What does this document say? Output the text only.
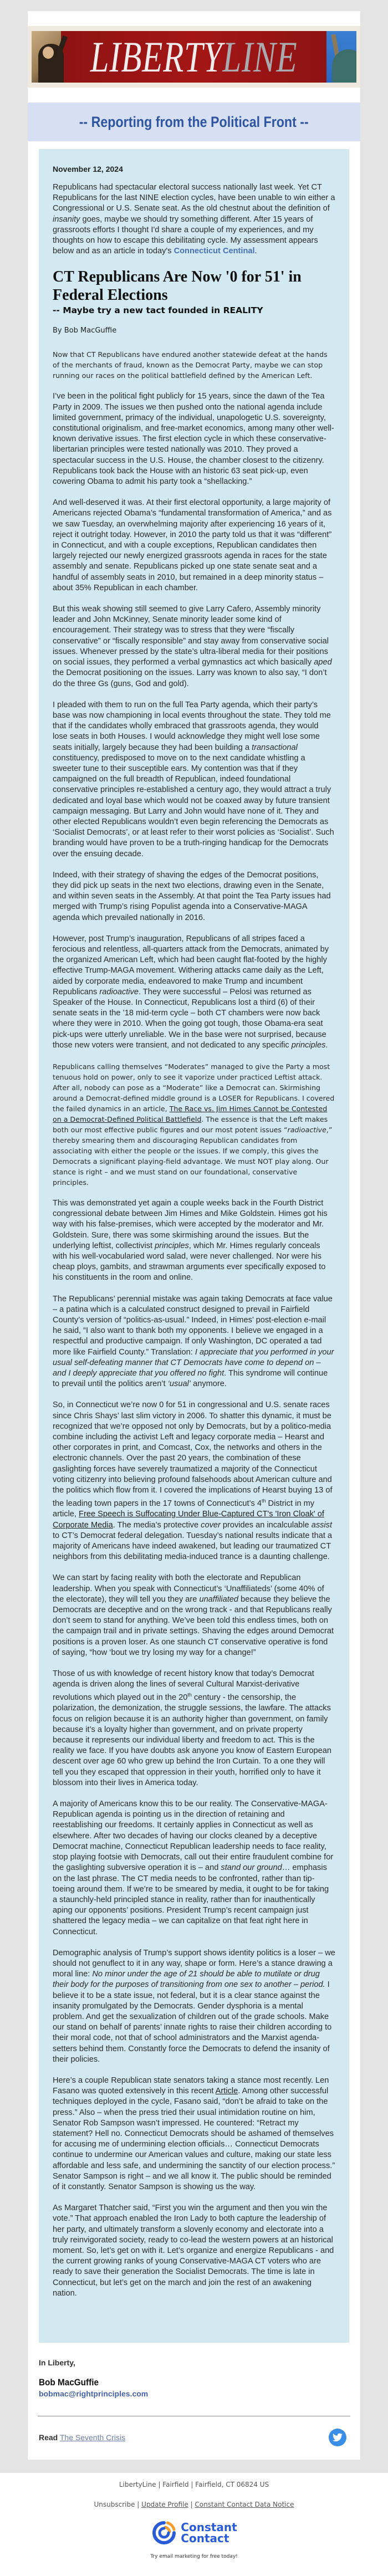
LIBERTYLINE
-- Reporting from the Political Front --
November 12, 2024
Republicans had spectacular electoral success nationally last week. Yet CT Republicans for the last NINE election cycles, have been unable to win either a Congressional or U.S. Senate seat. As the old chestnut about the definition of insanity goes, maybe we should try something different. After 15 years of grassroots efforts I thought I'd share a couple of my experiences, and my thoughts on how to escape this debilitating cycle. My assessment appears below and as an article in today's Connecticut Centinal.
CT Republicans Are Now '0 for 51' in Federal Elections
-- Maybe try a new tact founded in REALITY
By Bob MacGuffie

Now that CT Republicans have endured another statewide defeat at the hands of the merchants of fraud, known as the Democrat Party, maybe we can stop running our races on the political battlefield defined by the American Left.

I’ve been in the political fight publicly for 15 years, since the dawn of the Tea Party in 2009. The issues we then pushed onto the national agenda include limited government, primacy of the individual, unapologetic U.S. sovereignty, constitutional originalism, and free-market economics, among many other well-known derivative issues. The first election cycle in which these conservative-libertarian principles were tested nationally was 2010. They proved a spectacular success in the U.S. House, the chamber closest to the citizenry. Republicans took back the House with an historic 63 seat pick-up, even cowering Obama to admit his party took a “shellacking.”

And well-deserved it was. At their first electoral opportunity, a large majority of Americans rejected Obama’s “fundamental transformation of America,” and as we saw Tuesday, an overwhelming majority after experiencing 16 years of it, reject it outright today. However, in 2010 the party told us that it was “different” in Connecticut, and with a couple exceptions, Republican candidates then largely rejected our newly energized grassroots agenda in races for the state assembly and senate. Republicans picked up one state senate seat and a handful of assembly seats in 2010, but remained in a deep minority status – about 35% Republican in each chamber.

But this weak showing still seemed to give Larry Cafero, Assembly minority leader and John McKinney, Senate minority leader some kind of encouragement. Their strategy was to stress that they were “fiscally conservative” or “fiscally responsible” and stay away from conservative social issues. Whenever pressed by the state’s ultra-liberal media for their positions on social issues, they performed a verbal gymnastics act which basically aped the Democrat positioning on the issues. Larry was known to also say, “I don’t do the three Gs (guns, God and gold).

I pleaded with them to run on the full Tea Party agenda, which their party’s base was now championing in local events throughout the state. They told me that if the candidates wholly embraced that grassroots agenda, they would lose seats in both Houses. I would acknowledge they might well lose some seats initially, largely because they had been building a transactional constituency, predisposed to move on to the next candidate whistling a sweeter tune to their susceptible ears. My contention was that if they campaigned on the full breadth of Republican, indeed foundational conservative principles re-established a century ago, they would attract a truly dedicated and loyal base which would not be coaxed away by future transient campaign messaging. But Larry and John would have none of it. They and other elected Republicans wouldn’t even begin referencing the Democrats as ‘Socialist Democrats’, or at least refer to their worst policies as ‘Socialist’. Such branding would have proven to be a truth-ringing handicap for the Democrats over the ensuing decade.

Indeed, with their strategy of shaving the edges of the Democrat positions, they did pick up seats in the next two elections, drawing even in the Senate, and within seven seats in the Assembly. At that point the Tea Party issues had merged with Trump’s rising Populist agenda into a Conservative-MAGA agenda which prevailed nationally in 2016.

However, post Trump’s inauguration, Republicans of all stripes faced a ferocious and relentless, all-quarters attack from the Democrats, animated by the organized American Left, which had been caught flat-footed by the highly effective Trump-MAGA movement. Withering attacks came daily as the Left, aided by corporate media, endeavored to make Trump and incumbent Republicans radioactive. They were successful – Pelosi was returned as Speaker of the House. In Connecticut, Republicans lost a third (6) of their senate seats in the ’18 mid-term cycle – both CT chambers were now back where they were in 2010. When the going got tough, those Obama-era seat pick-ups were utterly unreliable. We in the base were not surprised, because those new voters were transient, and not dedicated to any specific principles.

Republicans calling themselves “Moderates” managed to give the Party a most tenuous hold on power, only to see it vaporize under practiced Leftist attack. After all, nobody can pose as a “Moderate” like a Democrat can. Skirmishing around a Democrat-defined middle ground is a LOSER for Republicans. I covered the failed dynamics in an article, The Race vs. Jim Himes Cannot be Contested on a Democrat-Defined Political Battlefield. The essence is that the Left makes both our most effective public figures and our most potent issues “radioactive,” thereby smearing them and discouraging Republican candidates from associating with either the people or the issues. If we comply, this gives the Democrats a significant playing-field advantage. We must NOT play along. Our stance is right – and we must stand on our foundational, conservative principles.

This was demonstrated yet again a couple weeks back in the Fourth District congressional debate between Jim Himes and Mike Goldstein. Himes got his way with his false-premises, which were accepted by the moderator and Mr. Goldstein. Sure, there was some skirmishing around the issues. But the underlying leftist, collectivist principles, which Mr. Himes regularly conceals with his well-vocabularied word salad, were never challenged. Nor were his cheap ploys, gambits, and strawman arguments ever specifically exposed to his constituents in the room and online.

The Republicans’ perennial mistake was again taking Democrats at face value – a patina which is a calculated construct designed to prevail in Fairfield County’s version of “politics-as-usual.” Indeed, in Himes’ post-election e-mail he said, “I also want to thank both my opponents. I believe we engaged in a respectful and productive campaign. If only Washington, DC operated a tad more like Fairfield County.” Translation: I appreciate that you performed in your usual self-defeating manner that CT Democrats have come to depend on – and I deeply appreciate that you offered no fight. This syndrome will continue to prevail until the politics aren’t ‘usual’ anymore.

So, in Connecticut we’re now 0 for 51 in congressional and U.S. senate races since Chris Shays’ last slim victory in 2006. To shatter this dynamic, it must be recognized that we’re opposed not only by Democrats, but by a politico-media combine including the activist Left and legacy corporate media – Hearst and other corporates in print, and Comcast, Cox, the networks and others in the electronic channels. Over the past 20 years, the combination of these gaslighting forces have severely traumatized a majority of the Connecticut voting citizenry into believing profound falsehoods about American culture and the politics which flow from it. I covered the implications of Hearst buying 13 of the leading town papers in the 17 towns of Connecticut’s 4th District in my article, Free Speech is Suffocating Under Blue-Captured CT's 'Iron Cloak' of Corporate Media. The media’s protective cover provides an incalculable assist to CT’s Democrat federal delegation. Tuesday’s national results indicate that a majority of Americans have indeed awakened, but leading our traumatized CT neighbors from this debilitating media-induced trance is a daunting challenge.

We can start by facing reality with both the electorate and Republican leadership. When you speak with Connecticut’s ‘Unaffiliateds’ (some 40% of the electorate), they will tell you they are unaffiliated because they believe the Democrats are deceptive and on the wrong track - and that Republicans really don’t seem to stand for anything. We’ve been told this endless times, both on the campaign trail and in private settings. Shaving the edges around Democrat positions is a proven loser. As one staunch CT conservative operative is fond of saying, “how ‘bout we try losing my way for a change!”

Those of us with knowledge of recent history know that today’s Democrat agenda is driven along the lines of several Cultural Marxist-derivative revolutions which played out in the 20th century - the censorship, the polarization, the demonization, the struggle sessions, the lawfare. The attacks focus on religion because it is an authority higher than government, on family because it’s a loyalty higher than government, and on private property because it represents our individual liberty and freedom to act. This is the reality we face. If you have doubts ask anyone you know of Eastern European descent over age 60 who grew up behind the Iron Curtain. To a one they will tell you they escaped that oppression in their youth, horrified only to have it blossom into their lives in America today.

A majority of Americans know this to be our reality. The Conservative-MAGA-Republican agenda is pointing us in the direction of retaining and reestablishing our freedoms. It certainly applies in Connecticut as well as elsewhere. After two decades of having our clocks cleaned by a deceptive Democrat machine, Connecticut Republican leadership needs to face reality, stop playing footsie with Democrats, call out their entire fraudulent combine for the gaslighting subversive operation it is – and stand our ground… emphasis on the last phrase. The CT media needs to be confronted, rather than tip-toeing around them. If we’re to be smeared by media, it ought to be for taking a staunchly-held principled stance in reality, rather than for inauthentically aping our opponents’ positions. President Trump’s recent campaign just shattered the legacy media – we can capitalize on that feat right here in Connecticut.

Demographic analysis of Trump’s support shows identity politics is a loser – we should not genuflect to it in any way, shape or form. Here’s a stance drawing a moral line: No minor under the age of 21 should be able to mutilate or drug their body for the purposes of transitioning from one sex to another – period. I believe it to be a state issue, not federal, but it is a clear stance against the insanity promulgated by the Democrats. Gender dysphoria is a mental problem. And get the sexualization of children out of the grade schools. Make our stand on behalf of parents’ innate rights to raise their children according to their moral code, not that of school administrators and the Marxist agenda-setters behind them. Constantly force the Democrats to defend the insanity of their policies.

Here’s a couple Republican state senators taking a stance most recently. Len Fasano was quoted extensively in this recent Article. Among other successful techniques deployed in the cycle, Fasano said, “don’t be afraid to take on the press.” Also – when the press tried their usual intimidation routine on him, Senator Rob Sampson wasn’t impressed. He countered: “Retract my statement? Hell no. Connecticut Democrats should be ashamed of themselves for accusing me of undermining election officials… Connecticut Democrats continue to undermine our American values and culture, making our state less affordable and less safe, and undermining the sanctity of our election process.” Senator Sampson is right – and we all know it. The public should be reminded of it constantly. Senator Sampson is showing us the way.

As Margaret Thatcher said, “First you win the argument and then you win the vote.” That approach enabled the Iron Lady to both capture the leadership of her party, and ultimately transform a slovenly economy and electorate into a truly reinvigorated society, ready to co-lead the western powers at an historical moment. So, let’s get on with it. Let’s organize and energize Republicans - and the current growing ranks of young Conservative-MAGA CT voters who are ready to save their generation the Socialist Democrats. The time is late in Connecticut, but let’s get on the march and join the rest of an awakening nation.

In Liberty,
Bob MacGuffie
bobmac@rightprinciples.com
Read The Seventh Crisis
LibertyLine | Fairfield | Fairfield, CT 06824 US
Unsubscribe | Update Profile | Constant Contact Data Notice
Constant
Contact
Try email marketing for free today!
